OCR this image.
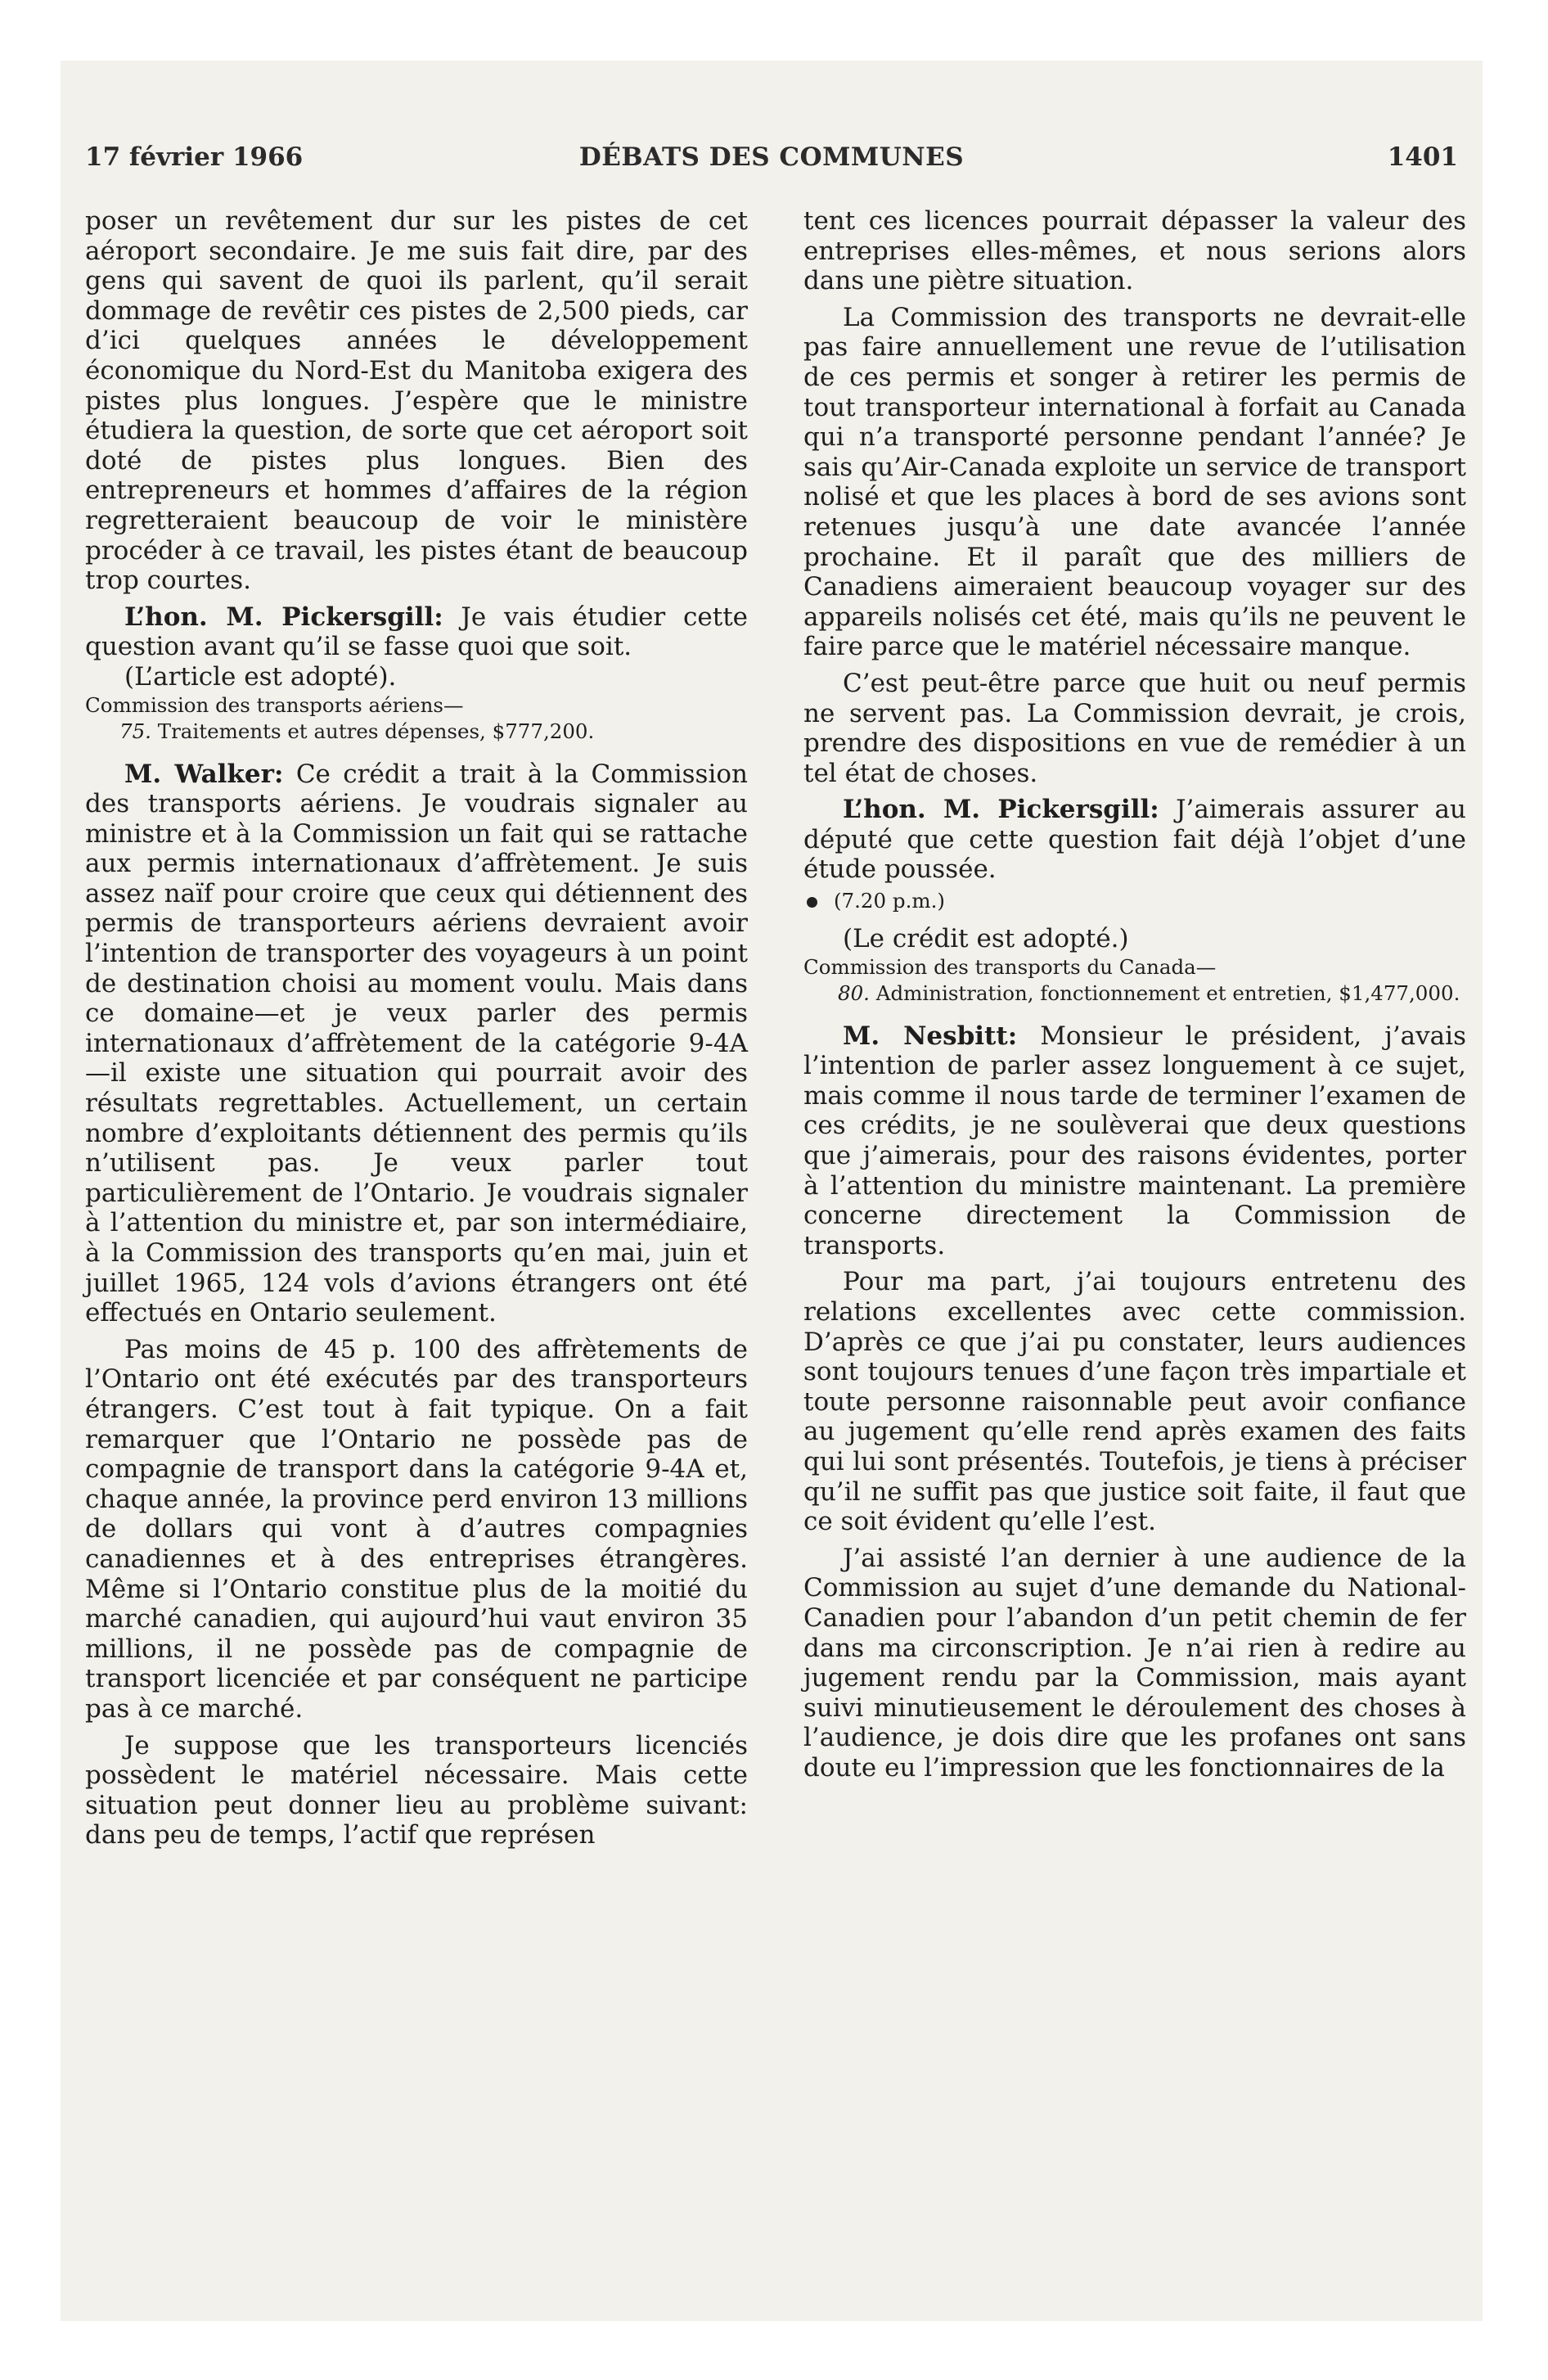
17 février 1966	DÉBATS DES COMMUNES	1401

poser un revêtement dur sur les pistes de cet aéroport secondaire. Je me suis fait dire, par des gens qui savent de quoi ils parlent, qu’il serait dommage de revêtir ces pistes de 2,500 pieds, car d’ici quelques années le développement économique du Nord-Est du Manitoba exigera des pistes plus longues. J’espère que le ministre étudiera la question, de sorte que cet aéroport soit doté de pistes plus longues. Bien des entrepreneurs et hommes d’affaires de la région regretteraient beaucoup de voir le ministère procéder à ce travail, les pistes étant de beaucoup trop courtes.

L’hon. M. Pickersgill: Je vais étudier cette question avant qu’il se fasse quoi que soit.

(L’article est adopté).

Commission des transports aériens—

75. Traitements et autres dépenses, $777,200.

M. Walker: Ce crédit a trait à la Commission des transports aériens. Je voudrais signaler au ministre et à la Commission un fait qui se rattache aux permis internationaux d’affrètement. Je suis assez naïf pour croire que ceux qui détiennent des permis de transporteurs aériens devraient avoir l’intention de transporter des voyageurs à un point de destination choisi au moment voulu. Mais dans ce domaine—et je veux parler des permis internationaux d’affrètement de la catégorie 9-4A—il existe une situation qui pourrait avoir des résultats regrettables. Actuellement, un certain nombre d’exploitants détiennent des permis qu’ils n’utilisent pas. Je veux parler tout particulièrement de l’Ontario. Je voudrais signaler à l’attention du ministre et, par son intermédiaire, à la Commission des transports qu’en mai, juin et juillet 1965, 124 vols d’avions étrangers ont été effectués en Ontario seulement.

Pas moins de 45 p. 100 des affrètements de l’Ontario ont été exécutés par des transporteurs étrangers. C’est tout à fait typique. On a fait remarquer que l’Ontario ne possède pas de compagnie de transport dans la catégorie 9-4A et, chaque année, la province perd environ 13 millions de dollars qui vont à d’autres compagnies canadiennes et à des entreprises étrangères. Même si l’Ontario constitue plus de la moitié du marché canadien, qui aujourd’hui vaut environ 35 millions, il ne possède pas de compagnie de transport licenciée et par conséquent ne participe pas à ce marché.

Je suppose que les transporteurs licenciés possèdent le matériel nécessaire. Mais cette situation peut donner lieu au problème suivant: dans peu de temps, l’actif que représen

tent ces licences pourrait dépasser la valeur des entreprises elles-mêmes, et nous serions alors dans une piètre situation.

La Commission des transports ne devrait-elle pas faire annuellement une revue de l’utilisation de ces permis et songer à retirer les permis de tout transporteur international à forfait au Canada qui n’a transporté personne pendant l’année? Je sais qu’Air-Canada exploite un service de transport nolisé et que les places à bord de ses avions sont retenues jusqu’à une date avancée l’année prochaine. Et il paraît que des milliers de Canadiens aimeraient beaucoup voyager sur des appareils nolisés cet été, mais qu’ils ne peuvent le faire parce que le matériel nécessaire manque.

C’est peut-être parce que huit ou neuf permis ne servent pas. La Commission devrait, je crois, prendre des dispositions en vue de remédier à un tel état de choses.

L’hon. M. Pickersgill: J’aimerais assurer au député que cette question fait déjà l’objet d’une étude poussée.

(7.20 p.m.)

(Le crédit est adopté.)

Commission des transports du Canada—

80. Administration, fonctionnement et entretien, $1,477,000.

M. Nesbitt: Monsieur le président, j’avais l’intention de parler assez longuement à ce sujet, mais comme il nous tarde de terminer l’examen de ces crédits, je ne soulèverai que deux questions que j’aimerais, pour des raisons évidentes, porter à l’attention du ministre maintenant. La première concerne directement la Commission de transports.

Pour ma part, j’ai toujours entretenu des relations excellentes avec cette commission. D’après ce que j’ai pu constater, leurs audiences sont toujours tenues d’une façon très impartiale et toute personne raisonnable peut avoir confiance au jugement qu’elle rend après examen des faits qui lui sont présentés. Toutefois, je tiens à préciser qu’il ne suffit pas que justice soit faite, il faut que ce soit évident qu’elle l’est.

J’ai assisté l’an dernier à une audience de la Commission au sujet d’une demande du National-Canadien pour l’abandon d’un petit chemin de fer dans ma circonscription. Je n’ai rien à redire au jugement rendu par la Commission, mais ayant suivi minutieusement le déroulement des choses à l’audience, je dois dire que les profanes ont sans doute eu l’impression que les fonctionnaires de la
